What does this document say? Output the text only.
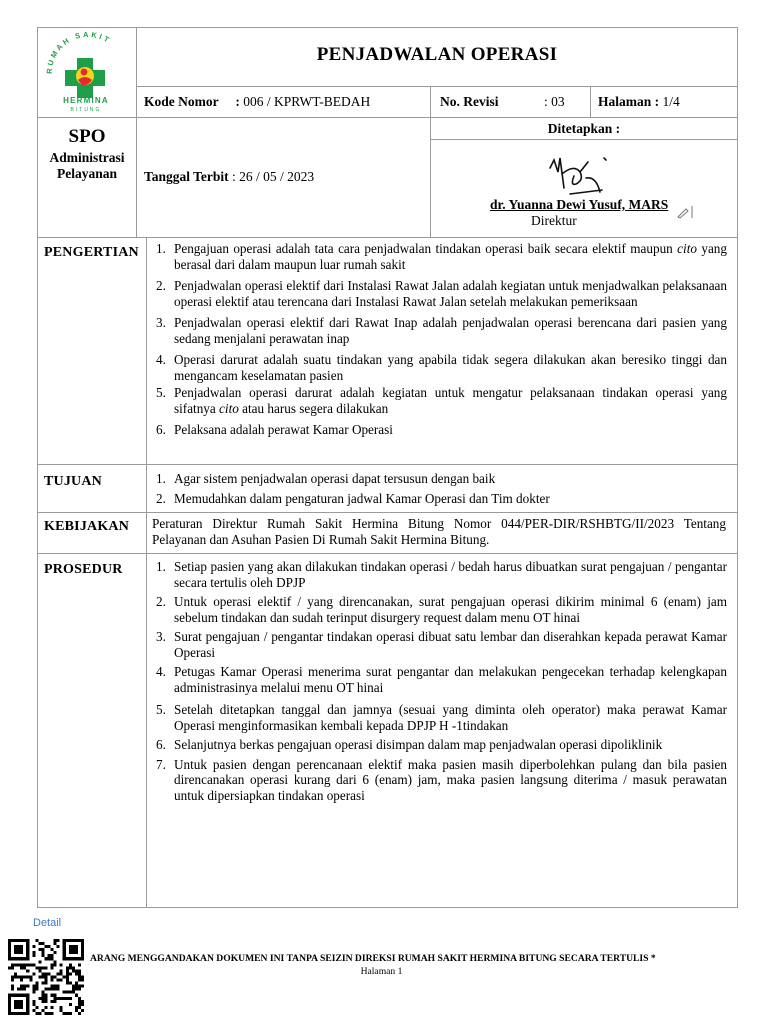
RUMAH SAKIT
HERMINA
BITUNG
PENJADWALAN OPERASI
Kode Nomor : 006 / KPRWT-BEDAH	No. Revisi	: 03 Halaman : 1/4
SPO
Administrasi
Pelayanan	Tanggal Terbit : 26 / 05 / 2023
Ditetapkan :
dr. Yuanna Dewi Yusuf, MARS
Direktur
PENGERTIAN 1. Pengajuan operasi adalah tata cara penjadwalan tindakan operasi baik secara elektif maupun cito yang berasal dari dalam maupun luar rumah sakit
2. Penjadwalan operasi elektif dari Instalasi Rawat Jalan adalah kegiatan untuk menjadwalkan pelaksanaan operasi elektif atau terencana dari Instalasi Rawat Jalan setelah melakukan pemeriksaan
3. Penjadwalan operasi elektif dari Rawat Inap adalah penjadwalan operasi berencana dari pasien yang sedang menjalani perawatan inap
4. Operasi darurat adalah suatu tindakan yang apabila tidak segera dilakukan akan beresiko tinggi dan mengancam keselamatan pasien
5. Penjadwalan operasi darurat adalah kegiatan untuk mengatur pelaksanaan tindakan operasi yang sifatnya cito atau harus segera dilakukan
6. Pelaksana adalah perawat Kamar Operasi
TUJUAN	1. Agar sistem penjadwalan operasi dapat tersusun dengan baik
2. Memudahkan dalam pengaturan jadwal Kamar Operasi dan Tim dokter
KEBIJAKAN Peraturan Direktur Rumah Sakit Hermina Bitung Nomor 044/PER-DIR/RSHBTG/II/2023 Tentang Pelayanan dan Asuhan Pasien Di Rumah Sakit Hermina Bitung.
PROSEDUR	1. Setiap pasien yang akan dilakukan tindakan operasi / bedah harus dibuatkan surat pengajuan / pengantar secara tertulis oleh DPJP
2. Untuk operasi elektif / yang direncanakan, surat pengajuan operasi dikirim minimal 6 (enam) jam sebelum tindakan dan sudah terinput disurgery request dalam menu OT hinai
3. Surat pengajuan / pengantar tindakan operasi dibuat satu lembar dan diserahkan kepada perawat Kamar Operasi
4. Petugas Kamar Operasi menerima surat pengantar dan melakukan pengecekan terhadap kelengkapan administrasinya melalui menu OT hinai
5. Setelah ditetapkan tanggal dan jamnya (sesuai yang diminta oleh operator) maka perawat Kamar Operasi menginformasikan kembali kepada DPJP H -1tindakan
6. Selanjutnya berkas pengajuan operasi disimpan dalam map penjadwalan operasi dipoliklinik
7. Untuk pasien dengan perencanaan elektif maka pasien masih diperbolehkan pulang dan bila pasien direncanakan operasi kurang dari 6 (enam) jam, maka pasien langsung diterima / masuk perawatan untuk dipersiapkan tindakan operasi
Detail
ARANG MENGGANDAKAN DOKUMEN INI TANPA SEIZIN DIREKSI RUMAH SAKIT HERMINA BITUNG SECARA TERTULIS *
Halaman 1
